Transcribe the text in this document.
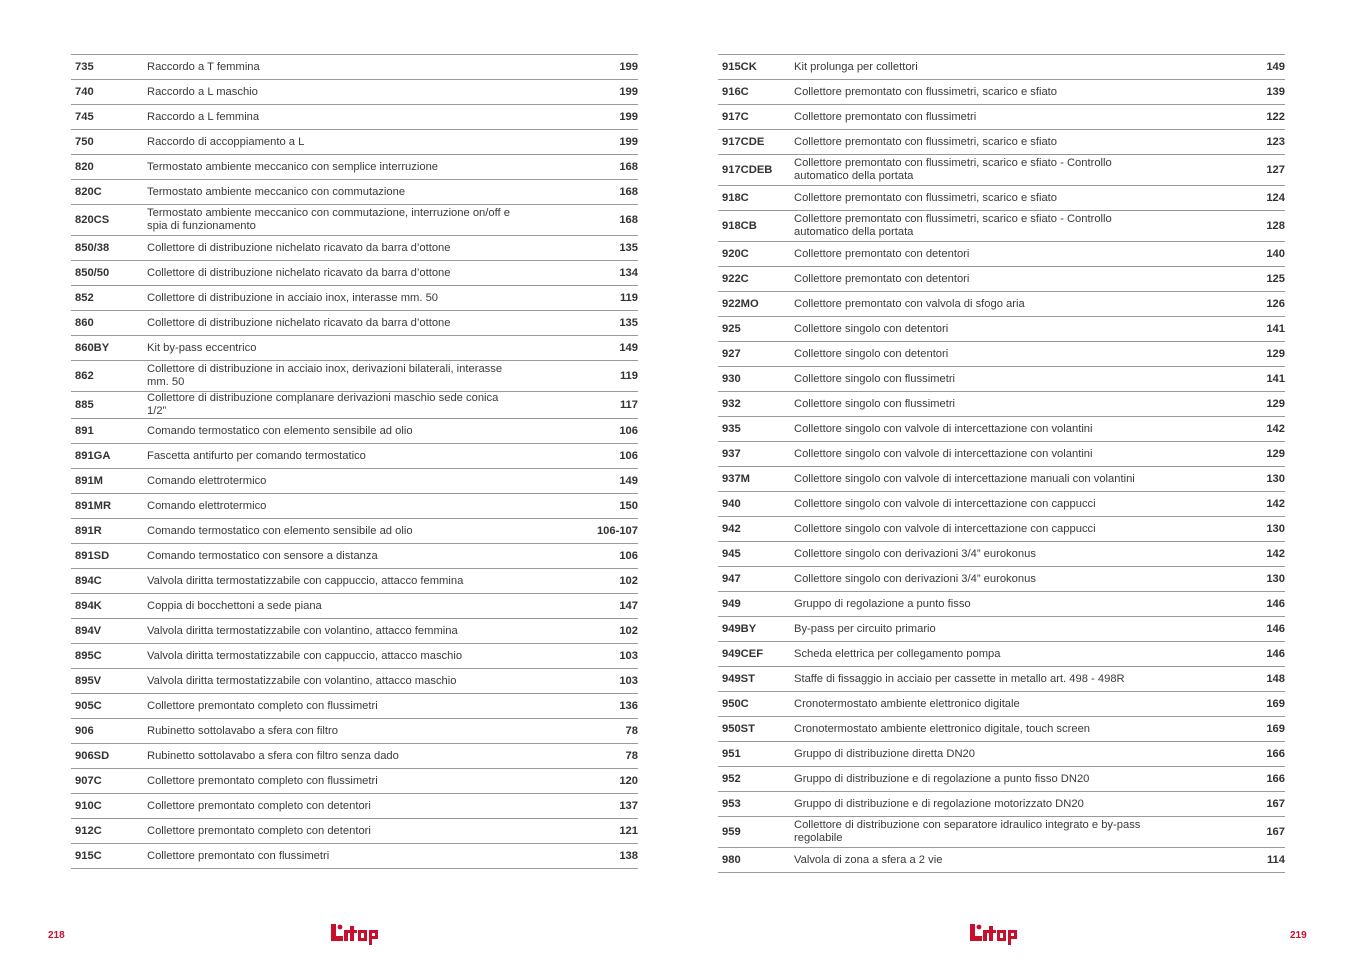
735	Raccordo a T femmina	199
740	Raccordo a L maschio	199
745	Raccordo a L femmina	199
750	Raccordo di accoppiamento a L	199
820	Termostato ambiente meccanico con semplice interruzione	168
820C	Termostato ambiente meccanico con commutazione	168
820CS	Termostato ambiente meccanico con commutazione, interruzione on/off e spia di funzionamento	168
850/38	Collettore di distribuzione nichelato ricavato da barra d’ottone	135
850/50	Collettore di distribuzione nichelato ricavato da barra d’ottone	134
852	Collettore di distribuzione in acciaio inox, interasse mm. 50	119
860	Collettore di distribuzione nichelato ricavato da barra d’ottone	135
860BY	Kit by-pass eccentrico	149
862	Collettore di distribuzione in acciaio inox, derivazioni bilaterali, interasse mm. 50	119
885	Collettore di distribuzione complanare derivazioni maschio sede conica 1/2”	117
891	Comando termostatico con elemento sensibile ad olio	106
891GA	Fascetta antifurto per comando termostatico	106
891M	Comando elettrotermico	149
891MR	Comando elettrotermico	150
891R	Comando termostatico con elemento sensibile ad olio	106-107
891SD	Comando termostatico con sensore a distanza	106
894C	Valvola diritta termostatizzabile con cappuccio, attacco femmina	102
894K	Coppia di bocchettoni a sede piana	147
894V	Valvola diritta termostatizzabile con volantino, attacco femmina	102
895C	Valvola diritta termostatizzabile con cappuccio, attacco maschio	103
895V	Valvola diritta termostatizzabile con volantino, attacco maschio	103
905C	Collettore premontato completo con flussimetri	136
906	Rubinetto sottolavabo a sfera con filtro	78
906SD	Rubinetto sottolavabo a sfera con filtro senza dado	78
907C	Collettore premontato completo con flussimetri	120
910C	Collettore premontato completo con detentori	137
912C	Collettore premontato completo con detentori	121
915C	Collettore premontato con flussimetri	138
218
915CK	Kit prolunga per collettori	149
916C	Collettore premontato con flussimetri, scarico e sfiato	139
917C	Collettore premontato con flussimetri	122
917CDE	Collettore premontato con flussimetri, scarico e sfiato	123
917CDEB	Collettore premontato con flussimetri, scarico e sfiato - Controllo automatico della portata	127
918C	Collettore premontato con flussimetri, scarico e sfiato	124
918CB	Collettore premontato con flussimetri, scarico e sfiato - Controllo automatico della portata	128
920C	Collettore premontato con detentori	140
922C	Collettore premontato con detentori	125
922MO	Collettore premontato con valvola di sfogo aria	126
925	Collettore singolo con detentori	141
927	Collettore singolo con detentori	129
930	Collettore singolo con flussimetri	141
932	Collettore singolo con flussimetri	129
935	Collettore singolo con valvole di intercettazione con volantini	142
937	Collettore singolo con valvole di intercettazione con volantini	129
937M	Collettore singolo con valvole di intercettazione manuali con volantini	130
940	Collettore singolo con valvole di intercettazione con cappucci	142
942	Collettore singolo con valvole di intercettazione con cappucci	130
945	Collettore singolo con derivazioni 3/4” eurokonus	142
947	Collettore singolo con derivazioni 3/4” eurokonus	130
949	Gruppo di regolazione a punto fisso	146
949BY	By-pass per circuito primario	146
949CEF	Scheda elettrica per collegamento pompa	146
949ST	Staffe di fissaggio in acciaio per cassette in metallo art. 498 - 498R	148
950C	Cronotermostato ambiente elettronico digitale	169
950ST	Cronotermostato ambiente elettronico digitale, touch screen	169
951	Gruppo di distribuzione diretta DN20	166
952	Gruppo di distribuzione e di regolazione a punto fisso DN20	166
953	Gruppo di distribuzione e di regolazione motorizzato DN20	167
959	Collettore di distribuzione con separatore idraulico integrato e by-pass regolabile	167
980	Valvola di zona a sfera a 2 vie	114
219
